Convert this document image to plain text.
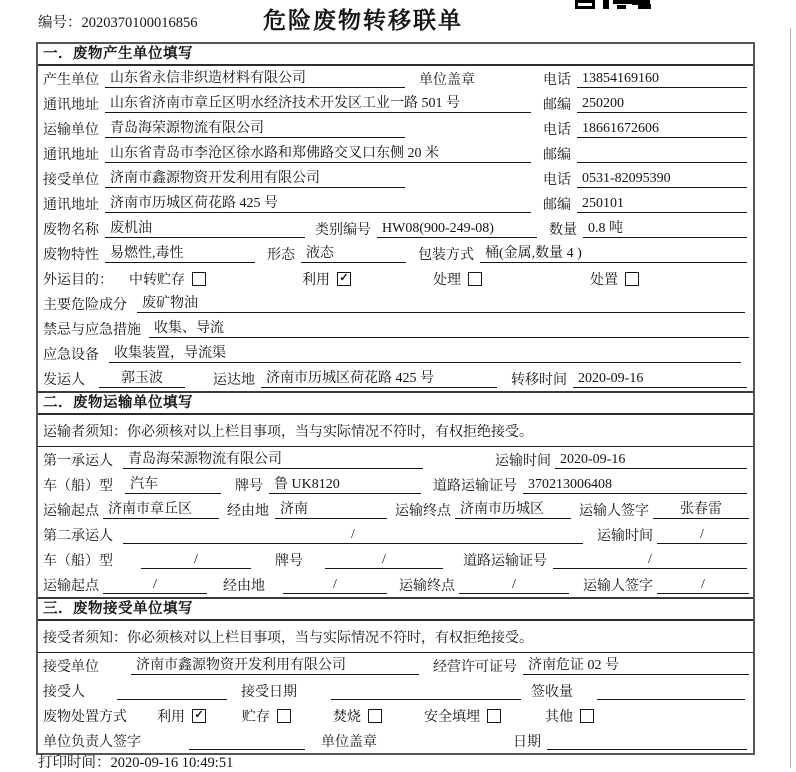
编号：2020370100016856	危险废物转移联单
一．废物产生单位填写
产生单位 山东省永信非织造材料有限公司	单位盖章	电话 13854169160
通讯地址 山东省济南市章丘区明水经济技术开发区工业一路 501 号	邮编 250200
运输单位 青岛海荣源物流有限公司	电话 18661672606
通讯地址 山东省青岛市李沧区徐水路和郑佛路交叉口东侧 20 米	邮编
接受单位 济南市鑫源物资开发利用有限公司	电话 0531-82095390
通讯地址 济南市历城区荷花路 425 号	邮编 250101
废物名称 废机油	类别编号 HW08(900-249-08)	数量 0.8 吨
废物特性 易燃性,毒性	形态 液态	包装方式 桶(金属,数量 4 )
外运目的： 中转贮存	利用 ✓	处理	处置
主要危险成分	废矿物油
禁忌与应急措施 收集、导流
应急设备	收集装置，导流渠
发运人	郭玉波	运达地 济南市历城区荷花路 425 号	转移时间 2020-09-16
二．废物运输单位填写
运输者须知：你必须核对以上栏目事项，当与实际情况不符时，有权拒绝接受。
第一承运人	青岛海荣源物流有限公司	运输时间 2020-09-16
车（船）型	汽车	牌号 鲁 UK8120	道路运输证号 370213006408
运输起点 济南市章丘区	经由地 济南	运输终点 济南市历城区	运输人签字	张春雷
第二承运人	/	运输时间	/
车（船）型	/	牌号	/	道路运输证号	/
运输起点	/	经由地	/	运输终点	/	运输人签字	/
三．废物接受单位填写
接受者须知：你必须核对以上栏目事项，当与实际情况不符时，有权拒绝接受。
接受单位	济南市鑫源物资开发利用有限公司	经营许可证号 济南危证 02 号
接受人	接受日期	签收量
废物处置方式	利用 ✓	贮存	焚烧	安全填埋	其他
单位负责人签字	单位盖章	日期
打印时间：2020-09-16 10:49:51
